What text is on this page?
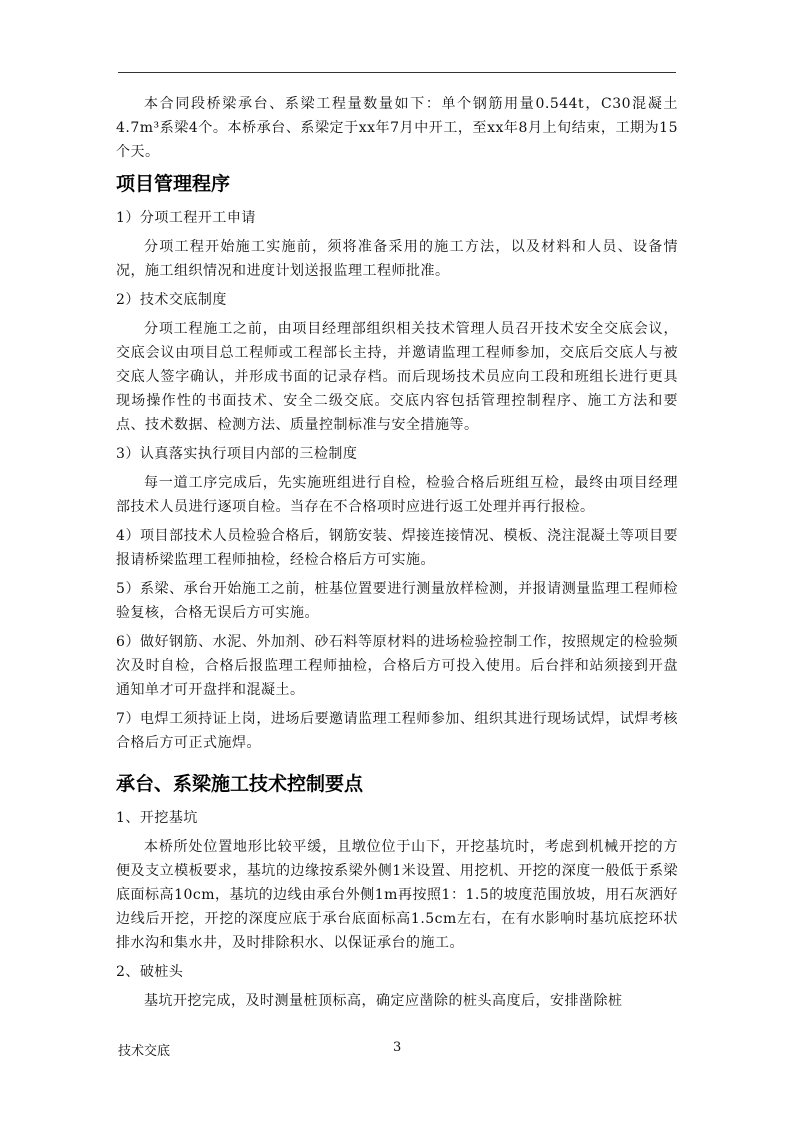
本合同段桥梁承台、系梁工程量数量如下：单个钢筋用量0.544t，C30混凝土4.7m³系梁4个。本桥承台、系梁定于xx年7月中开工，至xx年8月上旬结束，工期为15个天。

项目管理程序

1）分项工程开工申请

分项工程开始施工实施前，须将准备采用的施工方法，以及材料和人员、设备情况，施工组织情况和进度计划送报监理工程师批准。

2）技术交底制度

分项工程施工之前，由项目经理部组织相关技术管理人员召开技术安全交底会议，交底会议由项目总工程师或工程部长主持，并邀请监理工程师参加，交底后交底人与被交底人签字确认，并形成书面的记录存档。而后现场技术员应向工段和班组长进行更具现场操作性的书面技术、安全二级交底。交底内容包括管理控制程序、施工方法和要点、技术数据、检测方法、质量控制标准与安全措施等。

3）认真落实执行项目内部的三检制度

每一道工序完成后，先实施班组进行自检，检验合格后班组互检，最终由项目经理部技术人员进行逐项自检。当存在不合格项时应进行返工处理并再行报检。

4）项目部技术人员检验合格后，钢筋安装、焊接连接情况、模板、浇注混凝土等项目要报请桥梁监理工程师抽检，经检合格后方可实施。

5）系梁、承台开始施工之前，桩基位置要进行测量放样检测，并报请测量监理工程师检验复核，合格无误后方可实施。

6）做好钢筋、水泥、外加剂、砂石料等原材料的进场检验控制工作，按照规定的检验频次及时自检，合格后报监理工程师抽检，合格后方可投入使用。后台拌和站须接到开盘通知单才可开盘拌和混凝土。

7）电焊工须持证上岗，进场后要邀请监理工程师参加、组织其进行现场试焊，试焊考核合格后方可正式施焊。

承台、系梁施工技术控制要点

1、开挖基坑

本桥所处位置地形比较平缓，且墩位位于山下，开挖基坑时，考虑到机械开挖的方便及支立模板要求，基坑的边缘按系梁外侧1米设置、用挖机、开挖的深度一般低于系梁底面标高10cm，基坑的边线由承台外侧1m再按照1：1.5的坡度范围放坡，用石灰洒好边线后开挖，开挖的深度应底于承台底面标高1.5cm左右，在有水影响时基坑底挖环状排水沟和集水井，及时排除积水、以保证承台的施工。

2、破桩头

基坑开挖完成，及时测量桩顶标高，确定应凿除的桩头高度后，安排凿除桩

技术交底	3
